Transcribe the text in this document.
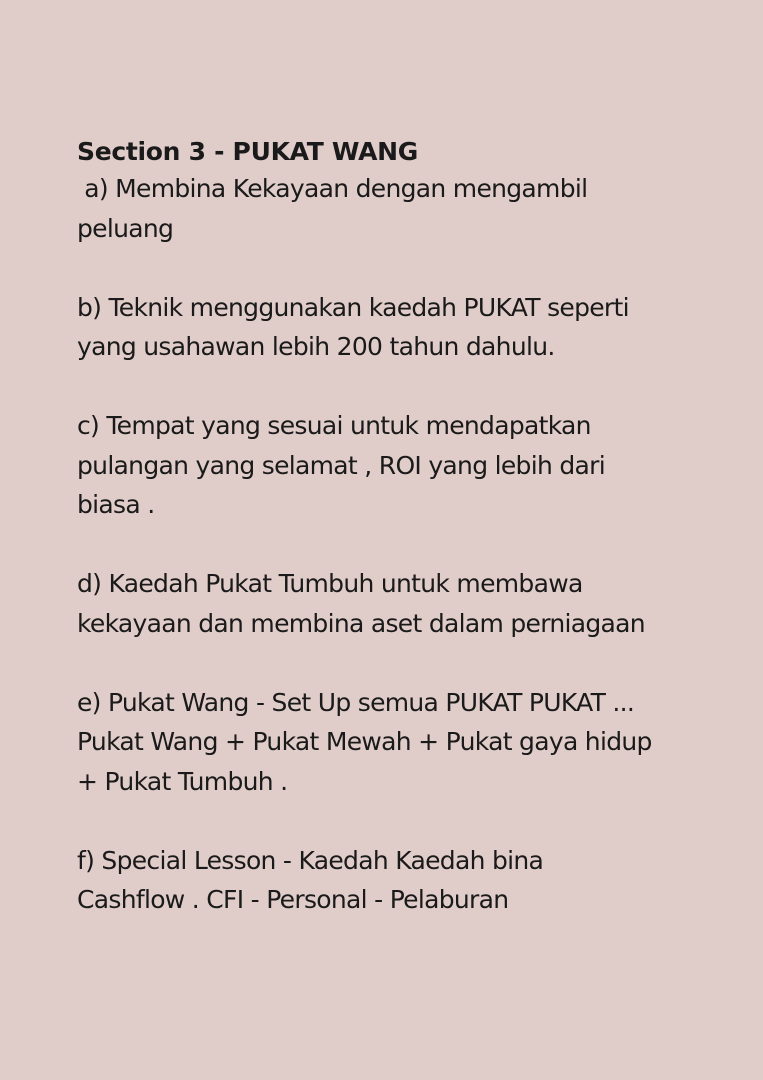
Section 3 - PUKAT WANG
a) Membina Kekayaan dengan mengambil
peluang
b) Teknik menggunakan kaedah PUKAT seperti
yang usahawan lebih 200 tahun dahulu.
c) Tempat yang sesuai untuk mendapatkan
pulangan yang selamat , ROI yang lebih dari
biasa .
d) Kaedah Pukat Tumbuh untuk membawa
kekayaan dan membina aset dalam perniagaan
e) Pukat Wang - Set Up semua PUKAT PUKAT ...
Pukat Wang + Pukat Mewah + Pukat gaya hidup
+ Pukat Tumbuh .
f) Special Lesson - Kaedah Kaedah bina
Cashflow . CFI - Personal - Pelaburan
